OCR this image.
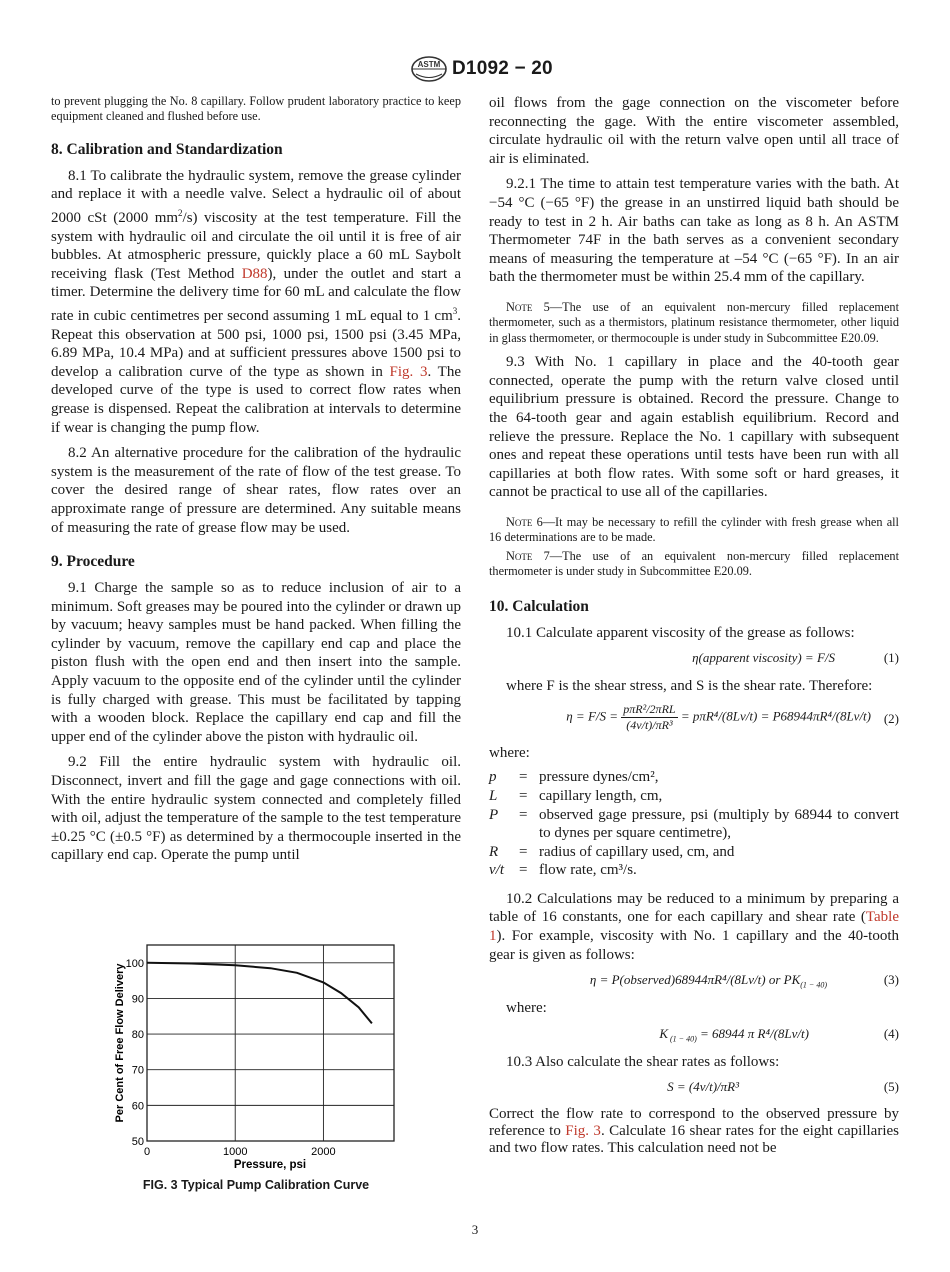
ASTM D1092 − 20

to prevent plugging the No. 8 capillary. Follow prudent laboratory practice to keep equipment cleaned and flushed before use.

8. Calibration and Standardization

8.1 To calibrate the hydraulic system, remove the grease cylinder and replace it with a needle valve. Select a hydraulic oil of about 2000 cSt (2000 $mm^2/s$) viscosity at the test temperature. Fill the system with hydraulic oil and circulate the oil until it is free of air bubbles. At atmospheric pressure, quickly place a 60 mL Saybolt receiving flask (Test Method D88), under the outlet and start a timer. Determine the delivery time for 60 mL and calculate the flow rate in cubic centimetres per second assuming 1 mL equal to 1 $cm^3$. Repeat this observation at 500 psi, 1000 psi, 1500 psi (3.45 MPa, 6.89 MPa, 10.4 MPa) and at sufficient pressures above 1500 psi to develop a calibration curve of the type as shown in Fig. 3. The developed curve of the type is used to correct flow rates when grease is dispensed. Repeat the calibration at intervals to determine if wear is changing the pump flow.

8.2 An alternative procedure for the calibration of the hydraulic system is the measurement of the rate of flow of the test grease. To cover the desired range of shear rates, flow rates over an approximate range of pressure are determined. Any suitable means of measuring the rate of grease flow may be used.

9. Procedure

9.1 Charge the sample so as to reduce inclusion of air to a minimum. Soft greases may be poured into the cylinder or drawn up by vacuum; heavy samples must be hand packed. When filling the cylinder by vacuum, remove the capillary end cap and place the piston flush with the open end and then insert into the sample. Apply vacuum to the opposite end of the cylinder until the cylinder is fully charged with grease. This must be facilitated by tapping with a wooden block. Replace the capillary end cap and fill the upper end of the cylinder above the piston with hydraulic oil.

9.2 Fill the entire hydraulic system with hydraulic oil. Disconnect, invert and fill the gage and gage connections with oil. With the entire hydraulic system connected and completely filled with oil, adjust the temperature of the sample to the test temperature ±0.25 °C (±0.5 °F) as determined by a thermocouple inserted in the capillary end cap. Operate the pump until

50
60
70
80
90
100
0	1000	2000
Pressure, psi
Per Cent of Free Flow Delivery
FIG. 3 Typical Pump Calibration Curve

oil flows from the gage connection on the viscometer before reconnecting the gage. With the entire viscometer assembled, circulate hydraulic oil with the return valve open until all trace of air is eliminated.

9.2.1 The time to attain test temperature varies with the bath. At −54 °C (−65 °F) the grease in an unstirred liquid bath should be ready to test in 2 h. Air baths can take as long as 8 h. An ASTM Thermometer 74F in the bath serves as a convenient secondary means of measuring the temperature at –54 °C (−65 °F). In an air bath the thermometer must be within 25.4 mm of the capillary.

Note 5—The use of an equivalent non-mercury filled replacement thermometer, such as a thermistors, platinum resistance thermometer, other liquid in glass thermometer, or thermocouple is under study in Subcommittee E20.09.

9.3 With No. 1 capillary in place and the 40-tooth gear connected, operate the pump with the return valve closed until equilibrium pressure is obtained. Record the pressure. Change to the 64-tooth gear and again establish equilibrium. Record and relieve the pressure. Replace the No. 1 capillary with subsequent ones and repeat these operations until tests have been run with all capillaries at both flow rates. With some soft or hard greases, it cannot be practical to use all of the capillaries.

Note 6—It may be necessary to refill the cylinder with fresh grease when all 16 determinations are to be made.
Note 7—The use of an equivalent non-mercury filled replacement thermometer is under study in Subcommittee E20.09.
10. Calculation

10.1 Calculate apparent viscosity of the grease as follows:

η(apparent viscosity) = F/S	(1)

where F is the shear stress, and S is the shear rate. Therefore:

$\eta = F/S = \frac{\text{pπR²/2πRL}}{\text{(4v/t)/πR³}} = p\pi R^4/(8Lv/t) = P68944\pi R^4/(8Lv/t)$ (2)

where:

p	= pressure dynes/cm²,
L	= capillary length, cm,
P	= observed gage pressure, psi (multiply by 68944 to convert to dynes per square centimetre),
R	= radius of capillary used, cm, and
v/t	= flow rate, cm³/s.

10.2 Calculations may be reduced to a minimum by preparing a table of 16 constants, one for each capillary and shear rate (Table 1). For example, viscosity with No. 1 capillary and the 40-tooth gear is given as follows:

η = P(observed)68944πR⁴/(8Lv/t) or $PK_{(1 - 40)}$	(3)

where:

K $_{(1 - 40)}$ = 68944 π R⁴/(8Lv/t)	(4)

10.3 Also calculate the shear rates as follows:

S = (4v/t)/πR³	(5)

Correct the flow rate to correspond to the observed pressure by reference to Fig. 3. Calculate 16 shear rates for the eight capillaries and two flow rates. This calculation need not be

3
